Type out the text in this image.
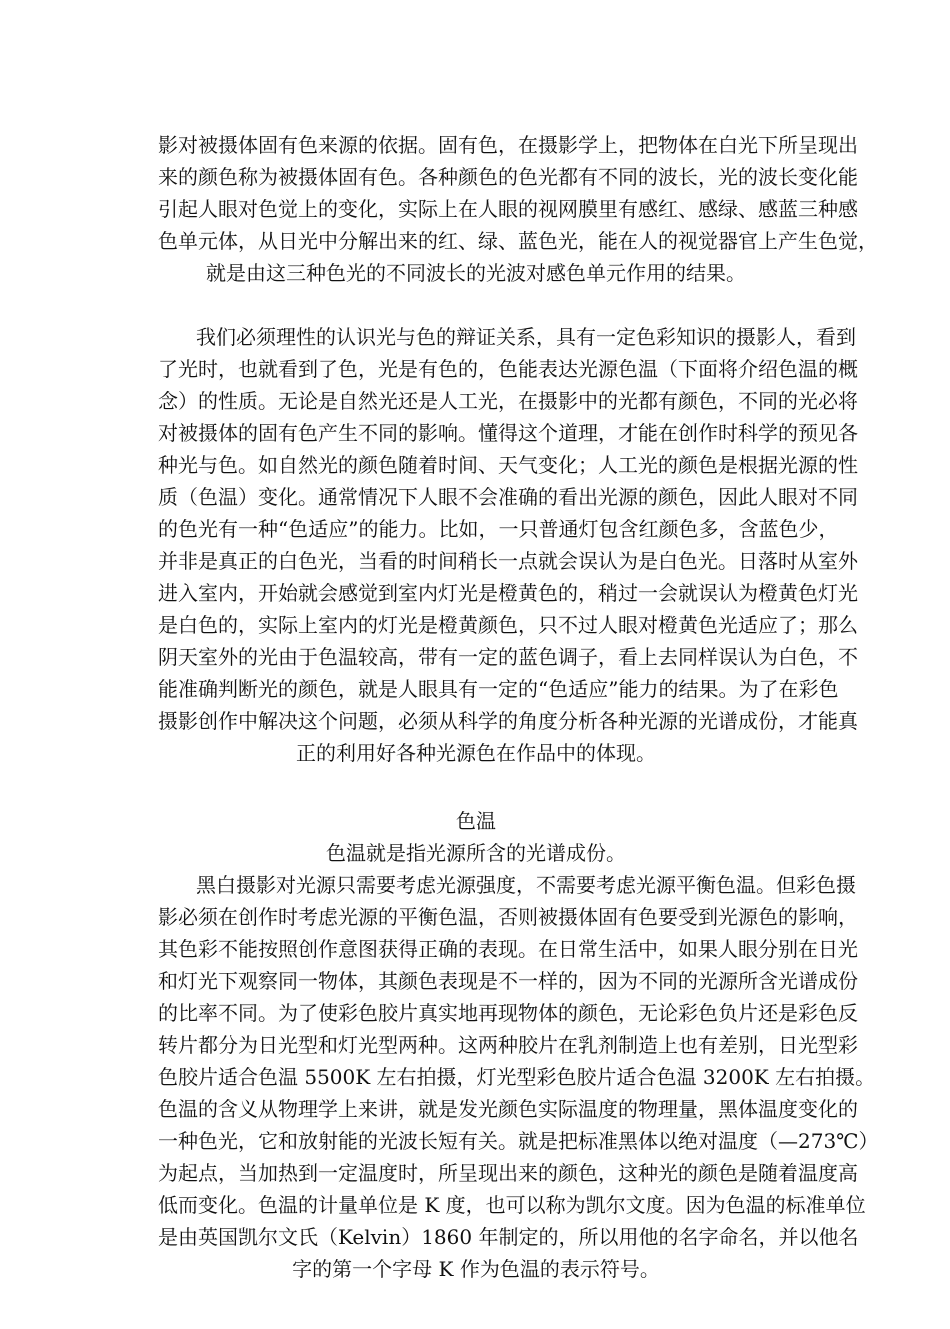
影对被摄体固有色来源的依据。固有色，在摄影学上，把物体在白光下所呈现出
来的颜色称为被摄体固有色。各种颜色的色光都有不同的波长，光的波长变化能
引起人眼对色觉上的变化，实际上在人眼的视网膜里有感红、感绿、感蓝三种感
色单元体，从日光中分解出来的红、绿、蓝色光，能在人的视觉器官上产生色觉，
就是由这三种色光的不同波长的光波对感色单元作用的结果。
我们必须理性的认识光与色的辩证关系，具有一定色彩知识的摄影人，看到
了光时，也就看到了色，光是有色的，色能表达光源色温（下面将介绍色温的概
念）的性质。无论是自然光还是人工光，在摄影中的光都有颜色，不同的光必将
对被摄体的固有色产生不同的影响。懂得这个道理，才能在创作时科学的预见各
种光与色。如自然光的颜色随着时间、天气变化；人工光的颜色是根据光源的性
质（色温）变化。通常情况下人眼不会准确的看出光源的颜色，因此人眼对不同
的色光有一种“色适应”的能力。比如，一只普通灯包含红颜色多，含蓝色少，
并非是真正的白色光，当看的时间稍长一点就会误认为是白色光。日落时从室外
进入室内，开始就会感觉到室内灯光是橙黄色的，稍过一会就误认为橙黄色灯光
是白色的，实际上室内的灯光是橙黄颜色，只不过人眼对橙黄色光适应了；那么
阴天室外的光由于色温较高，带有一定的蓝色调子，看上去同样误认为白色，不
能准确判断光的颜色，就是人眼具有一定的“色适应”能力的结果。为了在彩色
摄影创作中解决这个问题，必须从科学的角度分析各种光源的光谱成份，才能真
正的利用好各种光源色在作品中的体现。
色温
色温就是指光源所含的光谱成份。
黑白摄影对光源只需要考虑光源强度，不需要考虑光源平衡色温。但彩色摄
影必须在创作时考虑光源的平衡色温，否则被摄体固有色要受到光源色的影响，
其色彩不能按照创作意图获得正确的表现。在日常生活中，如果人眼分别在日光
和灯光下观察同一物体，其颜色表现是不一样的，因为不同的光源所含光谱成份
的比率不同。为了使彩色胶片真实地再现物体的颜色，无论彩色负片还是彩色反
转片都分为日光型和灯光型两种。这两种胶片在乳剂制造上也有差别，日光型彩
色胶片适合色温 5500K 左右拍摄，灯光型彩色胶片适合色温 3200K 左右拍摄。
色温的含义从物理学上来讲，就是发光颜色实际温度的物理量，黑体温度变化的
一种色光，它和放射能的光波长短有关。就是把标准黑体以绝对温度（—273℃）
为起点，当加热到一定温度时，所呈现出来的颜色，这种光的颜色是随着温度高
低而变化。色温的计量单位是 K 度，也可以称为凯尔文度。因为色温的标准单位
是由英国凯尔文氏（Kelvin）1860 年制定的，所以用他的名字命名，并以他名
字的第一个字母 K 作为色温的表示符号。
